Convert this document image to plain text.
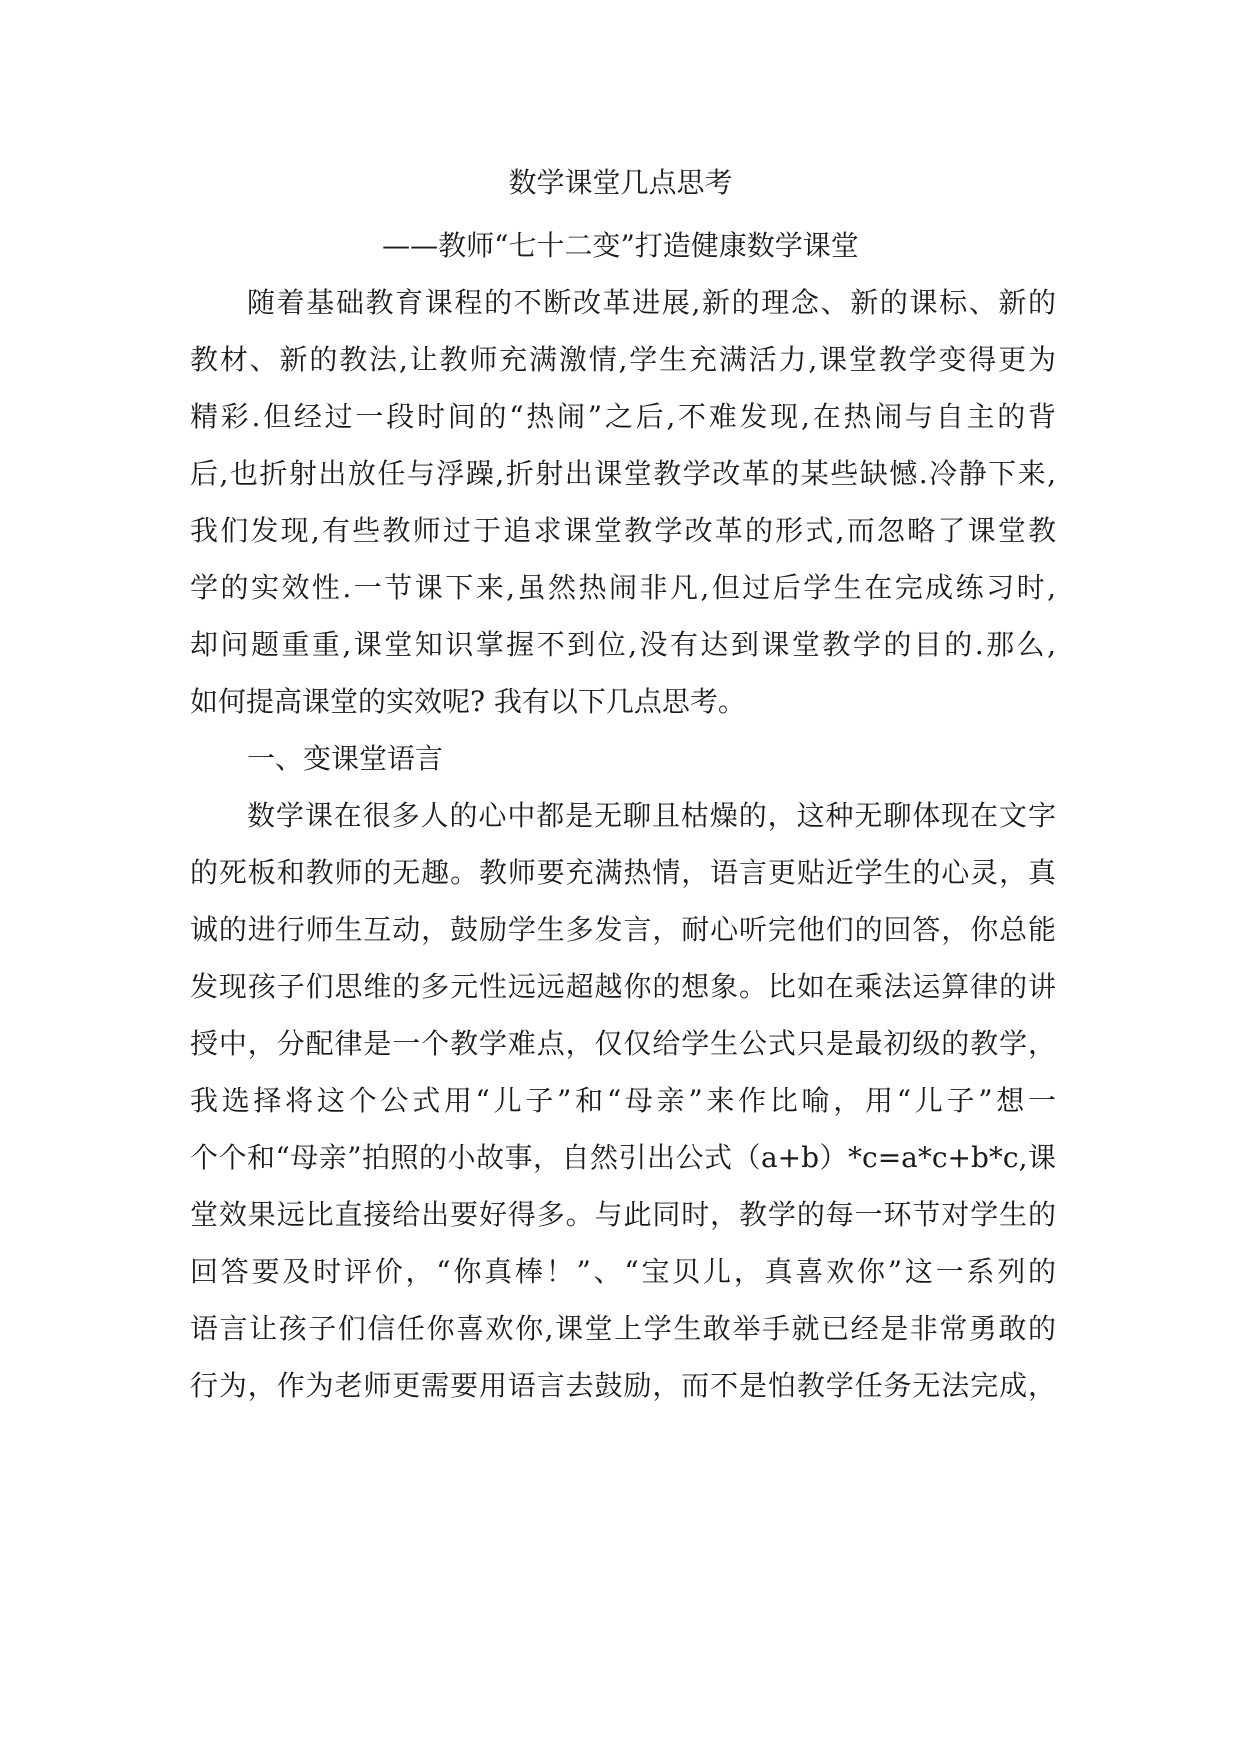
数学课堂几点思考
——教师“七十二变”打造健康数学课堂
随着基础教育课程的不断改革进展,新的理念、新的课标、新的
教材、新的教法,让教师充满激情,学生充满活力,课堂教学变得更为
精彩.但经过一段时间的“热闹”之后,不难发现,在热闹与自主的背
后,也折射出放任与浮躁,折射出课堂教学改革的某些缺憾.冷静下来,
我们发现,有些教师过于追求课堂教学改革的形式,而忽略了课堂教
学的实效性.一节课下来,虽然热闹非凡,但过后学生在完成练习时,
却问题重重,课堂知识掌握不到位,没有达到课堂教学的目的.那么,
如何提高课堂的实效呢? 我有以下几点思考。
一、变课堂语言
数学课在很多人的心中都是无聊且枯燥的，这种无聊体现在文字
的死板和教师的无趣。教师要充满热情，语言更贴近学生的心灵，真
诚的进行师生互动，鼓励学生多发言，耐心听完他们的回答，你总能
发现孩子们思维的多元性远远超越你的想象。比如在乘法运算律的讲
授中，分配律是一个教学难点，仅仅给学生公式只是最初级的教学，
我选择将这个公式用“儿子”和“母亲”来作比喻，用“儿子”想一
个个和“母亲”拍照的小故事，自然引出公式（a+b）*c=a*c+b*c,课
堂效果远比直接给出要好得多。与此同时，教学的每一环节对学生的
回答要及时评价，“你真棒！”、“宝贝儿，真喜欢你”这一系列的
语言让孩子们信任你喜欢你,课堂上学生敢举手就已经是非常勇敢的
行为，作为老师更需要用语言去鼓励，而不是怕教学任务无法完成，
